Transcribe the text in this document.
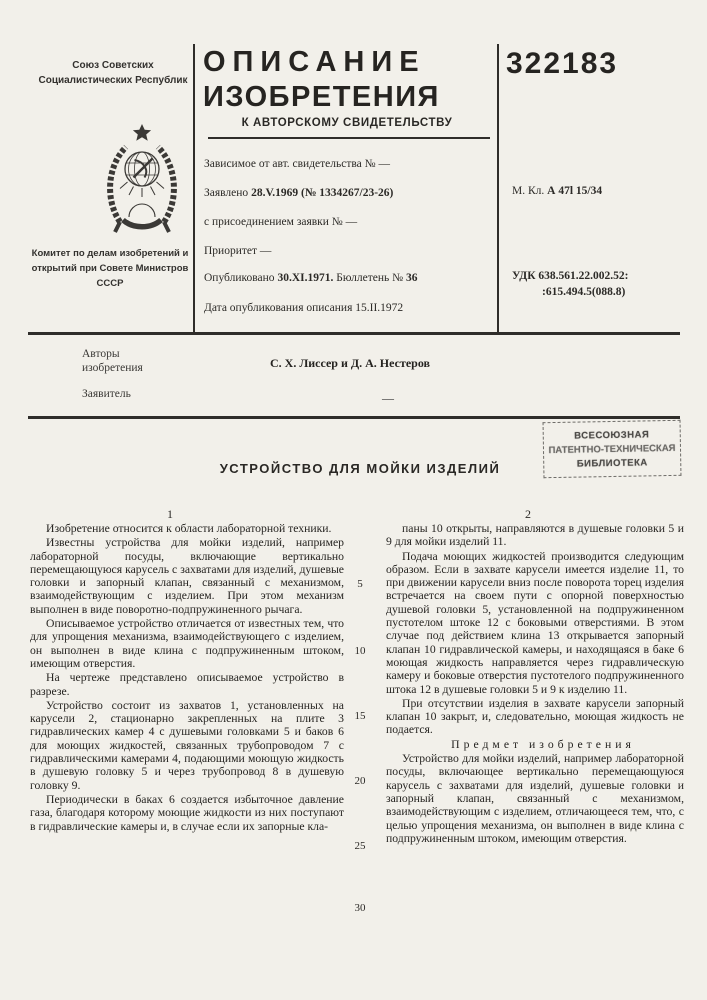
Союз Советских Социалистических Республик
Комитет по делам изобретений и открытий при Совете Министров СССР
ОПИСАНИЕ
ИЗОБРЕТЕНИЯ
К АВТОРСКОМУ СВИДЕТЕЛЬСТВУ
322183
Зависимое от авт. свидетельства № —
Заявлено 28.V.1969 (№ 1334267/23-26)
с присоединением заявки № —
Приоритет —
Опубликовано 30.XI.1971. Бюллетень № 36
Дата опубликования описания 15.II.1972
М. Кл. А 47l 15/34
УДК 638.561.22.002.52:
:615.494.5(088.8)
Авторы изобретения	С. Х. Лиссер и Д. А. Нестеров
Заявитель	—
ВСЕСОЮЗНАЯ
ПАТЕНТНО-ТЕХНИЧЕСКАЯ
БИБЛИОТЕКА
УСТРОЙСТВО ДЛЯ МОЙКИ ИЗДЕЛИЙ
1	2

Изобретение относится к области лабораторной техники.

Известны устройства для мойки изделий, например лабораторной посуды, включающие вертикально перемещающуюся карусель с захватами для изделий, душевые головки и запорный клапан, связанный с механизмом, взаимодействующим с изделием. При этом механизм выполнен в виде поворотно-подпружиненного рычага.

Описываемое устройство отличается от известных тем, что для упрощения механизма, взаимодействующего с изделием, он выполнен в виде клина с подпружиненным штоком, имеющим отверстия.

На чертеже представлено описываемое устройство в разрезе.

Устройство состоит из захватов 1, установленных на карусели 2, стационарно закрепленных на плите 3 гидравлических камер 4 с душевыми головками 5 и баков 6 для моющих жидкостей, связанных трубопроводом 7 с гидравлическими камерами 4, подающими моющую жидкость в душевую головку 5 и через трубопровод 8 в душевую головку 9.

Периодически в баках 6 создается избыточное давление газа, благодаря которому моющие жидкости из них поступают в гидравлические камеры и, в случае если их запорные кла-

паны 10 открыты, направляются в душевые головки 5 и 9 для мойки изделий 11.

Подача моющих жидкостей производится следующим образом. Если в захвате карусели имеется изделие 11, то при движении карусели вниз после поворота торец изделия встречается на своем пути с опорной поверхностью душевой головки 5, установленной на подпружиненном пустотелом штоке 12 с боковыми отверстиями. В этом случае под действием клина 13 открывается запорный клапан 10 гидравлической камеры, и находящаяся в баке 6 моющая жидкость направляется через гидравлическую камеру и боковые отверстия пустотелого подпружиненного штока 12 в душевые головки 5 и 9 к изделию 11.

При отсутствии изделия в захвате карусели запорный клапан 10 закрыт, и, следовательно, моющая жидкость не подается.

Предмет изобретения

Устройство для мойки изделий, например лабораторной посуды, включающее вертикально перемещающуюся карусель с захватами для изделий, душевые головки и запорный клапан, связанный с механизмом, взаимодействующим с изделием, отличающееся тем, что, с целью упрощения механизма, он выполнен в виде клина с подпружиненным штоком, имеющим отверстия.

5
10
15
20
25
30
